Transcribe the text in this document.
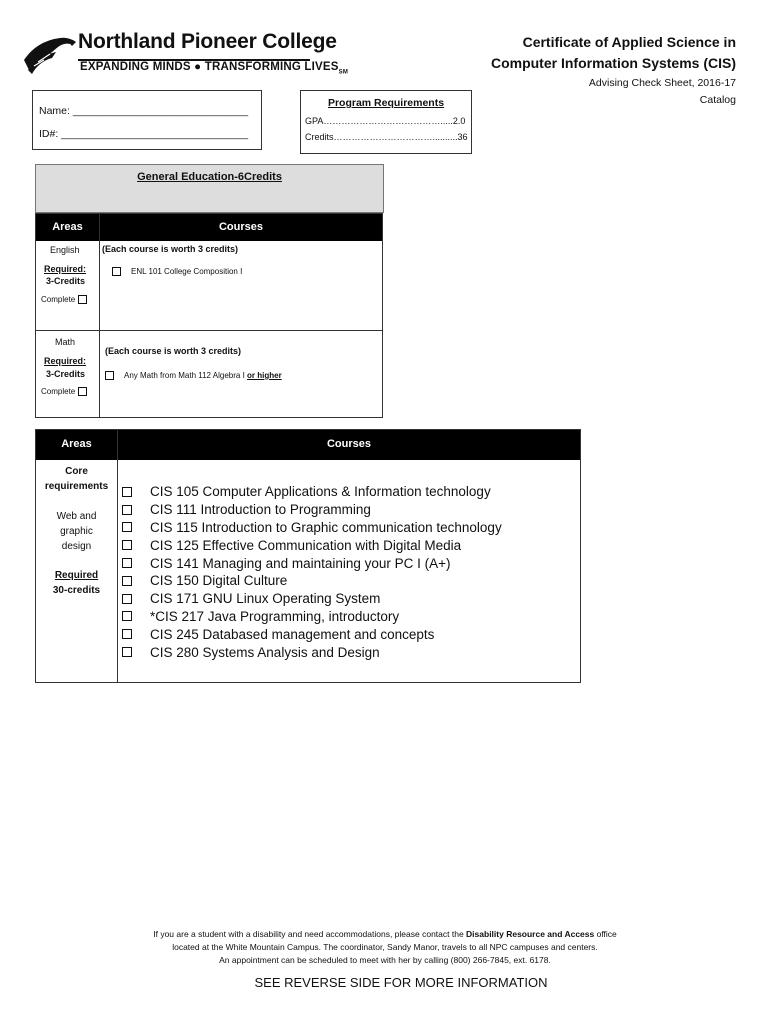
Northland Pioneer College
EXPANDING MINDS ● TRANSFORMING $LIVES_{SM}$
Certificate of Applied Science in
Computer Information Systems (CIS)
Advising Check Sheet, 2016-17
Catalog
Name: ______________________________
ID#: ________________________________
Program Requirements
GPA………………………………….....2.0
Credits……………………………..........36
General Education-6Credits
Areas	Courses
English
Required:
3-Credits
Complete
(Each course is worth 3 credits)
ENL 101 College Composition I
Math
Required:
3-Credits
Complete
(Each course is worth 3 credits)
Any Math from Math 112 Algebra I or higher
Areas	Courses
Core
requirements
Web and
graphic
design
Required
30-credits
CIS 105 Computer Applications & Information technology
CIS 111 Introduction to Programming
CIS 115 Introduction to Graphic communication technology
CIS 125 Effective Communication with Digital Media
CIS 141 Managing and maintaining your PC I (A+)
CIS 150 Digital Culture
CIS 171 GNU Linux Operating System
*CIS 217 Java Programming, introductory
CIS 245 Databased management and concepts
CIS 280 Systems Analysis and Design
If you are a student with a disability and need accommodations, please contact the Disability Resource and Access office
located at the White Mountain Campus. The coordinator, Sandy Manor, travels to all NPC campuses and centers.
An appointment can be scheduled to meet with her by calling (800) 266-7845, ext. 6178.
SEE REVERSE SIDE FOR MORE INFORMATION
